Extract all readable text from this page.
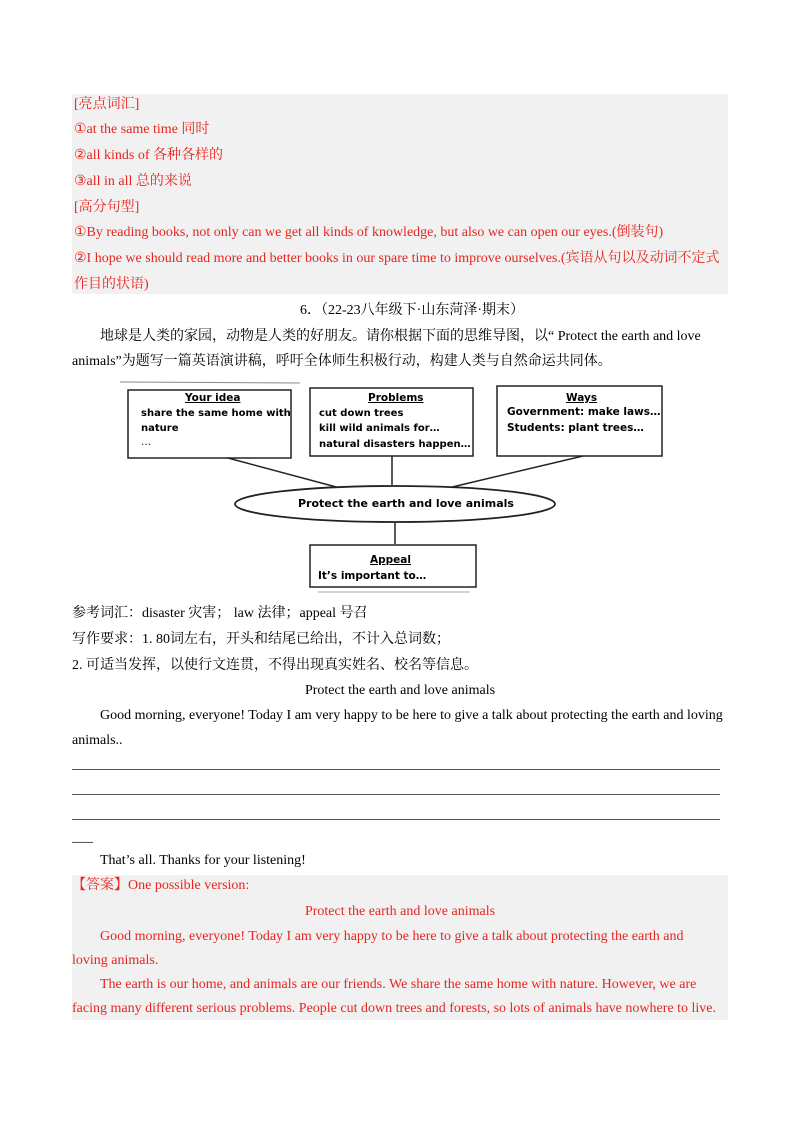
[亮点词汇]
①at the same time 同时
②all kinds of 各种各样的
③all in all 总的来说
[高分句型]
①By reading books, not only can we get all kinds of knowledge, but also we can open our eyes.(倒装句)
②I hope we should read more and better books in our spare time to improve ourselves.(宾语从句以及动词不定式
作目的状语)
6．（22-23八年级下·山东菏泽·期末）
地球是人类的家园，动物是人类的好朋友。请你根据下面的思维导图，以“ Protect the earth and love
animals”为题写一篇英语演讲稿，呼吁全体师生积极行动，构建人类与自然命运共同体。
Your idea
share the same home with
nature
…
Problems
cut down trees
kill wild animals for…
natural disasters happen…
Ways
Government: make laws…
Students: plant trees…
Protect the earth and love animals
Appeal
It’s important to…
参考词汇：disaster 灾害； law 法律；appeal 号召
写作要求：1. 80词左右，开头和结尾已给出，不计入总词数；
2. 可适当发挥，以使行文连贯，不得出现真实姓名、校名等信息。
Protect the earth and love animals
Good morning, everyone! Today I am very happy to be here to give a talk about protecting the earth and loving
animals..
___
That’s all. Thanks for your listening!
【答案】One possible version:
Protect the earth and love animals
Good morning, everyone! Today I am very happy to be here to give a talk about protecting the earth and
loving animals.
The earth is our home, and animals are our friends. We share the same home with nature. However, we are
facing many different serious problems. People cut down trees and forests, so lots of animals have nowhere to live.
